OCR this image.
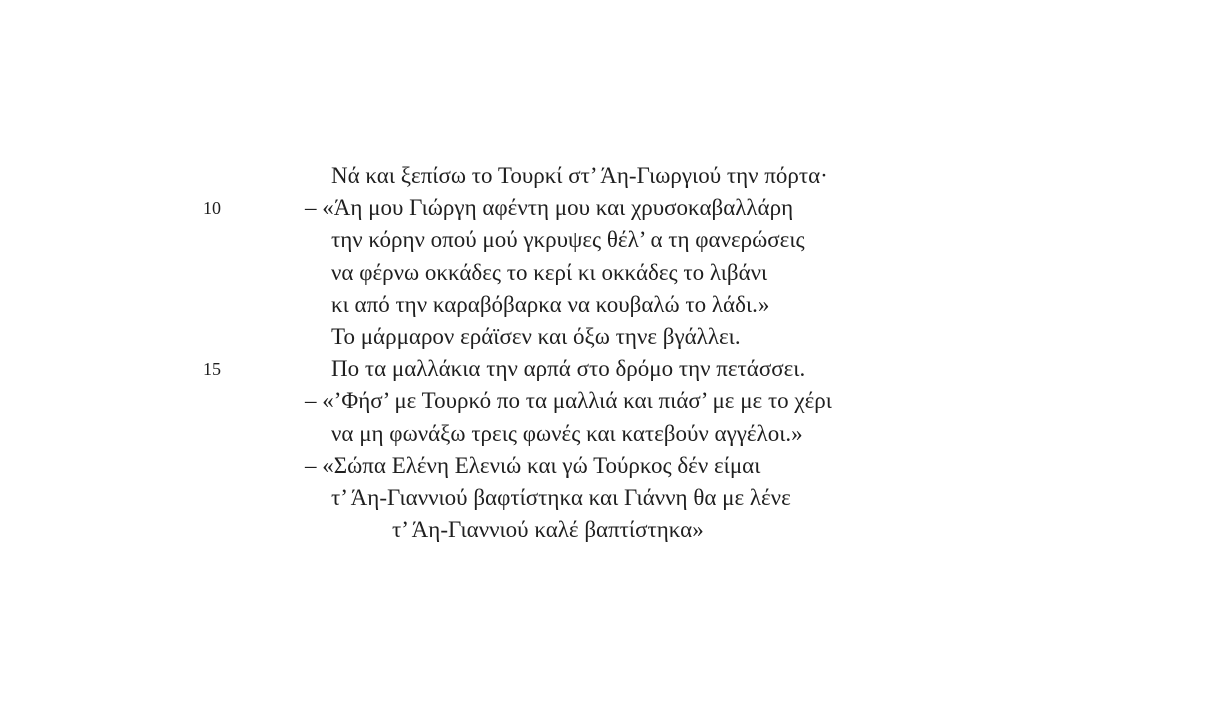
Νά και ξεπίσω το Τουρκί στ’ Άη-Γιωργιού την πόρτα·
10	– «Άη μου Γιώργη αφέντη μου και χρυσοκαβαλλάρη
την κόρην οπού μού γκρυψες θέλ’ α τη φανερώσεις
να φέρνω οκκάδες το κερί κι οκκάδες το λιβάνι
κι από την καραβόβαρκα να κουβαλώ το λάδι.»
Το μάρμαρον εράϊσεν και όξω τηνε βγάλλει.
15	Πο τα μαλλάκια την αρπά στο δρόμο την πετάσσει.
– «’Φήσ’ με Τουρκό πο τα μαλλιά και πιάσ’ με με το χέρι
να μη φωνάξω τρεις φωνές και κατεβούν αγγέλοι.»
– «Σώπα Ελένη Ελενιώ και γώ Τούρκος δέν είμαι
τ’ Άη-Γιαννιού βαφτίστηκα και Γιάννη θα με λένε
τ’ Άη-Γιαννιού καλέ βαπτίστηκα»
